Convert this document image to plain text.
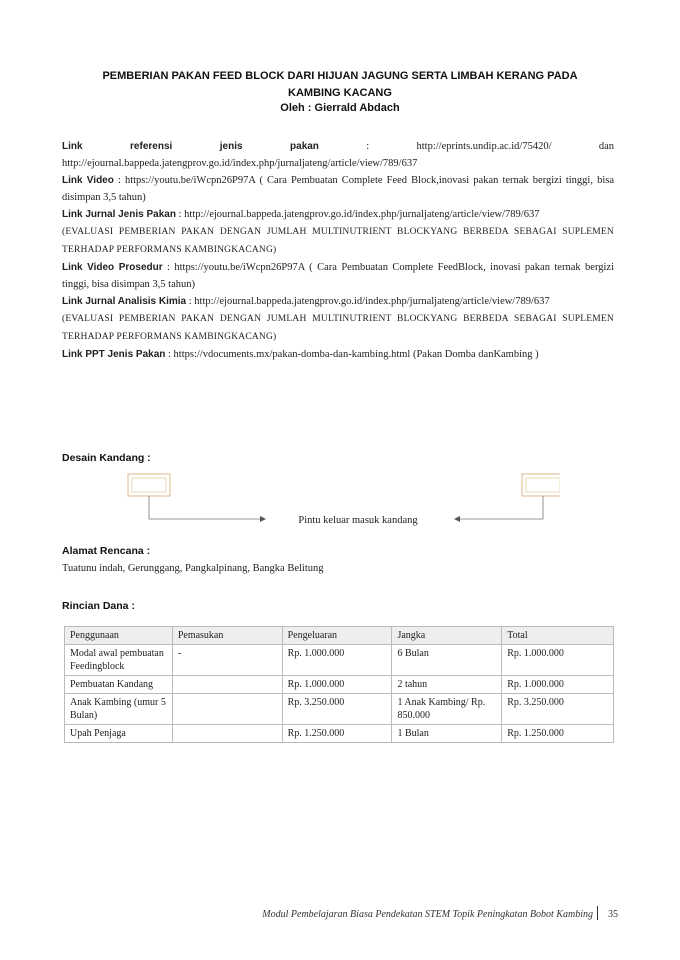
PEMBERIAN PAKAN FEED BLOCK DARI HIJUAN JAGUNG SERTA LIMBAH KERANG PADA
KAMBING KACANG
Oleh : Gierrald Abdach

Link referensi jenis pakan : http://eprints.undip.ac.id/75420/ dan http://ejournal.bappeda.jatengprov.go.id/index.php/jurnaljateng/article/view/789/637

Link Video : https://youtu.be/iWcpn26P97A ( Cara Pembuatan Complete Feed Block,inovasi pakan ternak bergizi tinggi, bisa disimpan 3,5 tahun)

Link Jurnal Jenis Pakan : http://ejournal.bappeda.jatengprov.go.id/index.php/jurnaljateng/article/view/789/637
(EVALUASI PEMBERIAN PAKAN DENGAN JUMLAH MULTINUTRIENT BLOCKYANG BERBEDA SEBAGAI SUPLEMEN TERHADAP PERFORMANS KAMBINGKACANG)

Link Video Prosedur : https://youtu.be/iWcpn26P97A ( Cara Pembuatan Complete FeedBlock, inovasi pakan ternak bergizi tinggi, bisa disimpan 3,5 tahun)

Link Jurnal Analisis Kimia : http://ejournal.bappeda.jatengprov.go.id/index.php/jurnaljateng/article/view/789/637
(EVALUASI PEMBERIAN PAKAN DENGAN JUMLAH MULTINUTRIENT BLOCKYANG BERBEDA SEBAGAI SUPLEMEN TERHADAP PERFORMANS KAMBINGKACANG)

Link PPT Jenis Pakan : https://vdocuments.mx/pakan-domba-dan-kambing.html (Pakan Domba danKambing )

Desain Kandang :
Pintu keluar masuk kandang
Alamat Rencana :
Tuatunu indah, Gerunggang, Pangkalpinang, Bangka Belitung
Rincian Dana :
Penggunaan	Pemasukan	Pengeluaran	Jangka	Total
Modal awal pembuatan Feedingblock	-	Rp. 1.000.000	6 Bulan	Rp. 1.000.000
Pembuatan Kandang		Rp. 1.000.000	2 tahun	Rp. 1.000.000
Anak Kambing (umur 5 Bulan)		Rp. 3.250.000	1 Anak Kambing/ Rp. 850.000	Rp. 3.250.000
Upah Penjaga		Rp. 1.250.000	1 Bulan	Rp. 1.250.000
Modul Pembelajaran Biasa Pendekatan STEM Topik Peningkatan Bobot Kambing 35
